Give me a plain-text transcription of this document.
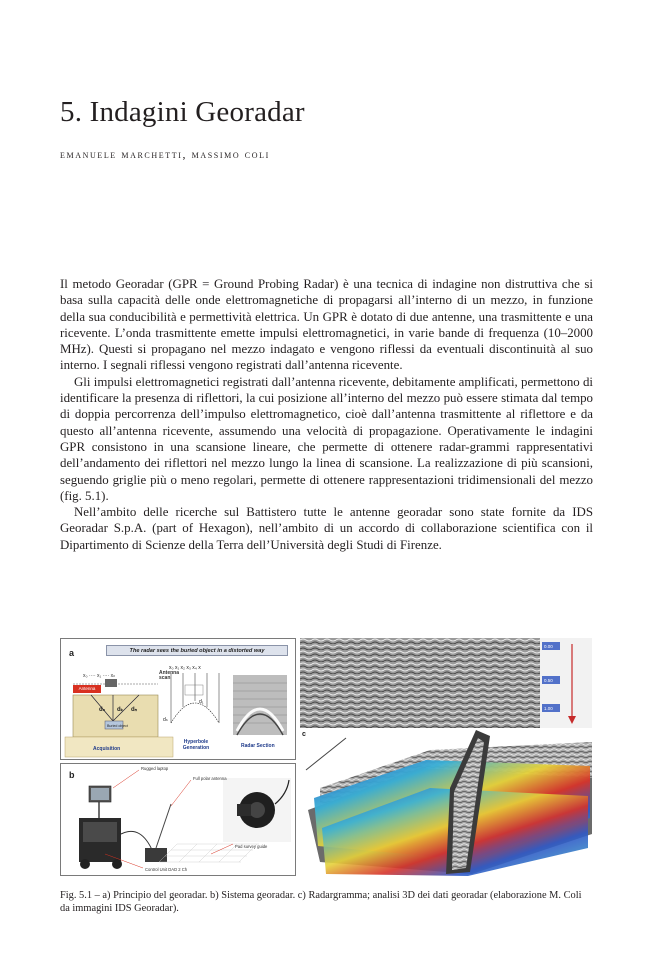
5. Indagini Georadar
emanuele marchetti, massimo coli

Il metodo Georadar (GPR = Ground Probing Radar) è una tecnica di indagine non distruttiva che si basa sulla capacità delle onde elettromagnetiche di propagarsi all’interno di un mezzo, in funzione della sua conducibilità e permettività elettrica. Un GPR è dotato di due antenne, una trasmittente e una ricevente. L’onda trasmittente emette impulsi elettromagnetici, in varie bande di frequenza (10–2000 MHz). Questi si propagano nel mezzo indagato e vengono riflessi da eventuali discontinuità al suo interno. I segnali riflessi vengono registrati dall’antenna ricevente.

Gli impulsi elettromagnetici registrati dall’antenna ricevente, debitamente amplificati, permettono di identificare la presenza di riflettori, la cui posizione all’interno del mezzo può essere stimata dal tempo di doppia percorrenza dell’impulso elettromagnetico, cioè dall’antenna trasmittente al riflettore e da questo all’antenna ricevente, assumendo una velocità di propagazione. Operativamente le indagini GPR consistono in una scansione lineare, che permette di ottenere radar-grammi rappresentativi dell’andamento dei riflettori nel mezzo lungo la linea di scansione. La realizzazione di più scansioni, seguendo griglie più o meno regolari, permette di ottenere rappresentazioni tridimensionali del mezzo (fig. 5.1).

Nell’ambito delle ricerche sul Battistero tutte le antenne georadar sono state fornite da IDS Georadar S.p.A. (part of Hexagon), nell’ambito di un accordo di collaborazione scientifica con il Dipartimento di Scienze della Terra dell’Università degli Studi di Firenze.

a	The radar sees the buried object in a distorted way
x₀ ···· x₁ ···· xₙ	Antenna scan
Antenna
d₀ dₖ dₙ
Buried object
x₀ x₁ x₂ x₃ x₄ x
dₙ
d₁
Acquisition
Hyperbole Generation	Radar Section
b
Rugged laptop
Full polar antenna
Pad survey guide
Control Unit DAD 2 Ch
0.00
0.50
1.00
c
Fig. 5.1 – a) Principio del georadar. b) Sistema georadar. c) Radargramma; analisi 3D dei dati georadar (elaborazione M. Coli da immagini IDS Georadar).
